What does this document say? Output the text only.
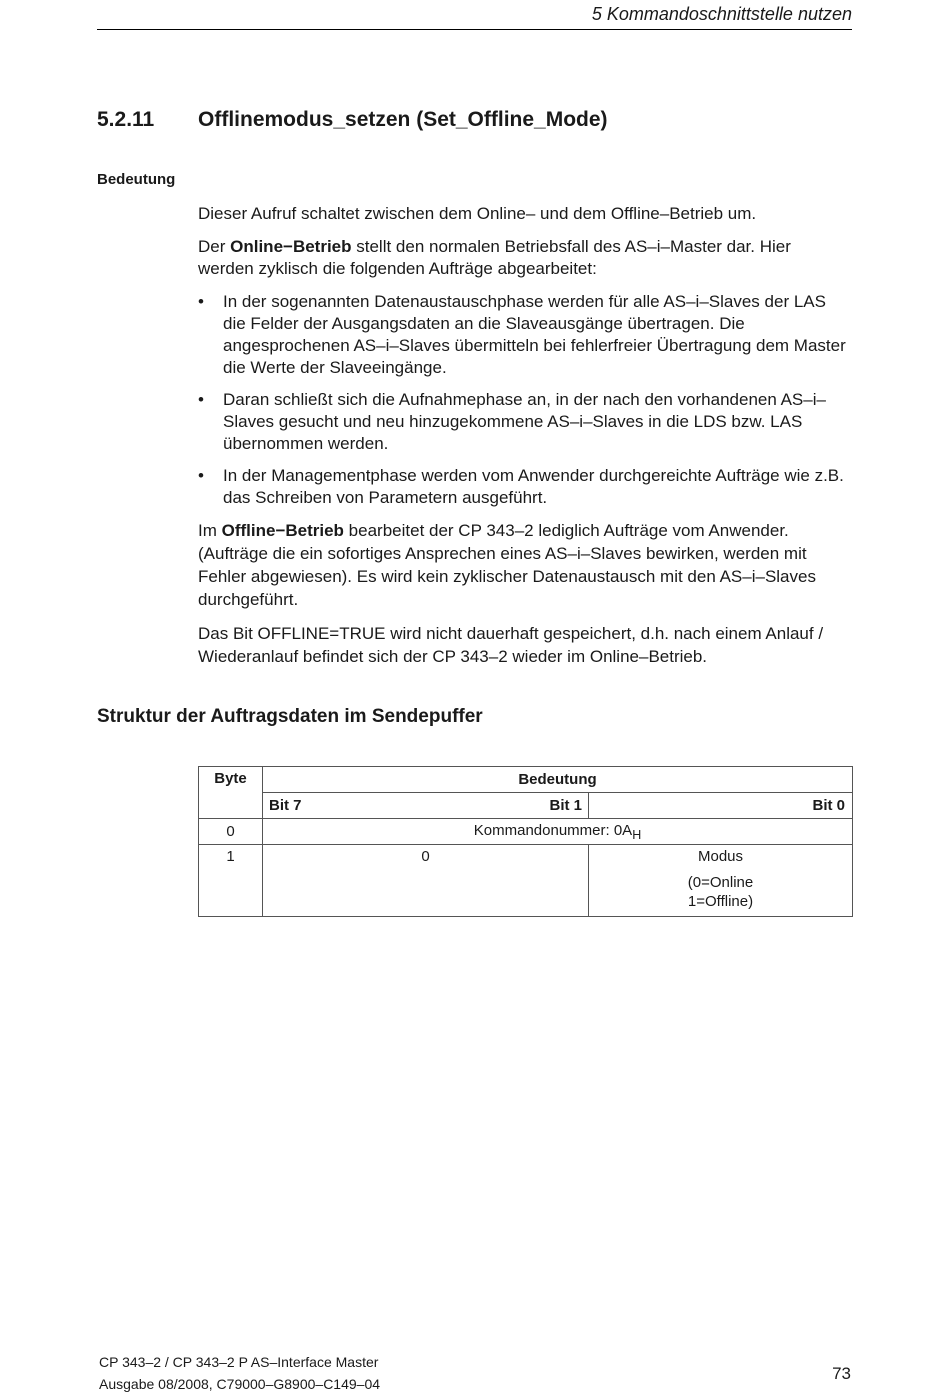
5 Kommandoschnittstelle nutzen
5.2.11 Offlinemodus_setzen (Set_Offline_Mode)
Bedeutung

Dieser Aufruf schaltet zwischen dem Online– und dem Offline–Betrieb um.

Der Online−Betrieb stellt den normalen Betriebsfall des AS–i–Master dar. Hier werden zyklisch die folgenden Aufträge abgearbeitet:

• In der sogenannten Datenaustauschphase werden für alle AS–i–Slaves der LAS die Felder der Ausgangsdaten an die Slaveausgänge übertragen. Die angesprochenen AS–i–Slaves übermitteln bei fehlerfreier Übertragung dem Master die Werte der Slaveeingänge.
• Daran schließt sich die Aufnahmephase an, in der nach den vorhandenen AS–i–Slaves gesucht und neu hinzugekommene AS–i–Slaves in die LDS bzw. LAS übernommen werden.
• In der Managementphase werden vom Anwender durchgereichte Aufträge wie z.B. das Schreiben von Parametern ausgeführt.

Im Offline−Betrieb bearbeitet der CP 343–2 lediglich Aufträge vom Anwender. (Aufträge die ein sofortiges Ansprechen eines AS–i–Slaves bewirken, werden mit Fehler abgewiesen). Es wird kein zyklischer Datenaustausch mit den AS–i–Slaves durchgeführt.

Das Bit OFFLINE=TRUE wird nicht dauerhaft gespeichert, d.h. nach einem Anlauf / Wiederanlauf befindet sich der CP 343–2 wieder im Online–Betrieb.

Struktur der Auftragsdaten im Sendepuffer
Byte	Bedeutung	

	Bit 7 Bit 1	Bit 0
0	Kommandonummer: $0A_H$
1	0	Modus
(0=Online
1=Offline)
CP 343–2 / CP 343–2 P AS–Interface Master
Ausgabe 08/2008, C79000–G8900–C149–04
73
